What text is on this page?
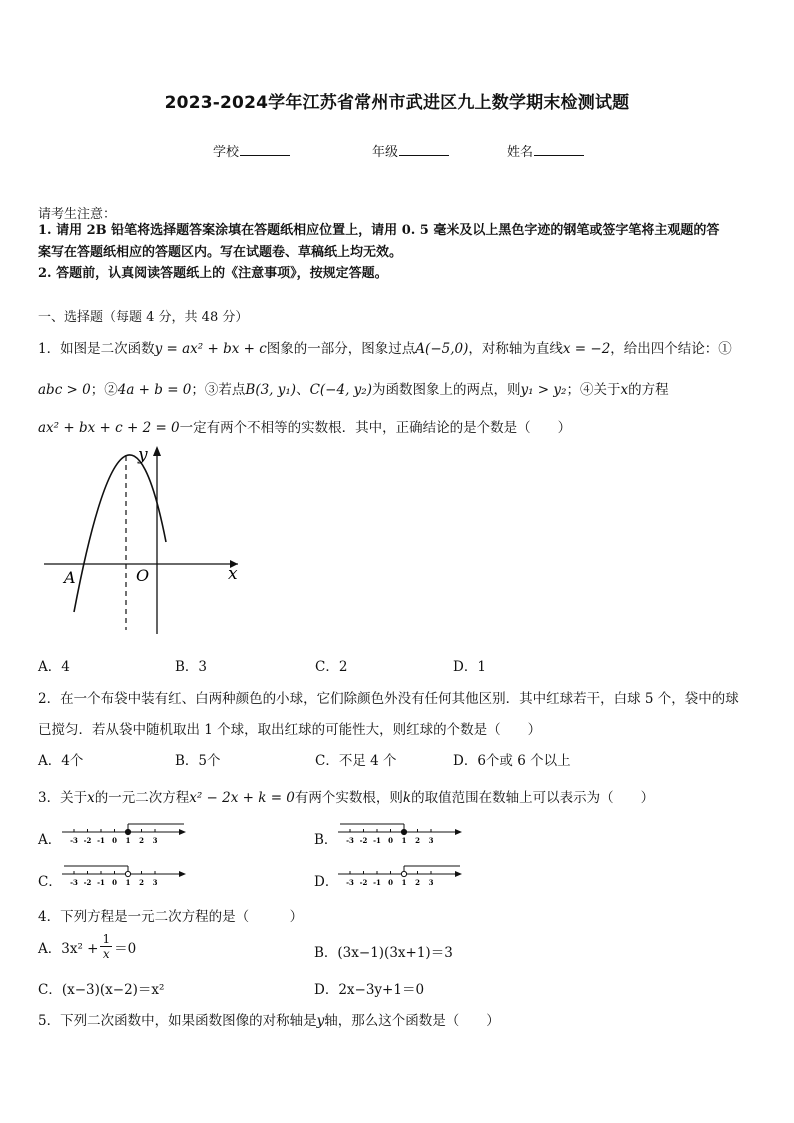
2023-2024学年江苏省常州市武进区九上数学期末检测试题
学校	年级	姓名
请考生注意：
1. 请用 2B 铅笔将选择题答案涂填在答题纸相应位置上，请用 0. 5 毫米及以上黑色字迹的钢笔或签字笔将主观题的答
案写在答题纸相应的答题区内。写在试题卷、草稿纸上均无效。
2. 答题前，认真阅读答题纸上的《注意事项》，按规定答题。
一、选择题（每题 4 分，共 48 分）
1．如图是二次函数y = ax² + bx + c图象的一部分，图象过点A(−5,0)，对称轴为直线x = −2，给出四个结论：①
abc > 0；②4a + b = 0；③若点B(3, y₁)、C(−4, y₂)为函数图象上的两点，则y₁ > y₂；④关于x的方程
ax² + bx + c + 2 = 0一定有两个不相等的实数根．其中，正确结论的是个数是（　　）
y
x
A	O
A．4	B．3	C．2	D．1
2．在一个布袋中装有红、白两种颜色的小球，它们除颜色外没有任何其他区别．其中红球若干，白球 5 个，袋中的球
已搅匀．若从袋中随机取出 1 个球，取出红球的可能性大，则红球的个数是（　　）
A．4个	B．5个	C．不足 4 个	D．6个或 6 个以上
3．关于x的一元二次方程x² − 2x + k = 0有两个实数根，则k的取值范围在数轴上可以表示为（　　）
A．	B．
C．	D．
-3 -2 -1 0 1 2 3	-3 -2 -1 0 1 2 3
-3 -2 -1 0 1 2 3	-3 -2 -1 0 1 2 3
4．下列方程是一元二次方程的是（　　　）
A．$3x^2 + \frac{1}{x} =0$	B．(3x−1)(3x+1)＝3
C．(x−3)(x−2)＝x²	D．2x−3y+1＝0
5．下列二次函数中，如果函数图像的对称轴是y轴，那么这个函数是（　　）
